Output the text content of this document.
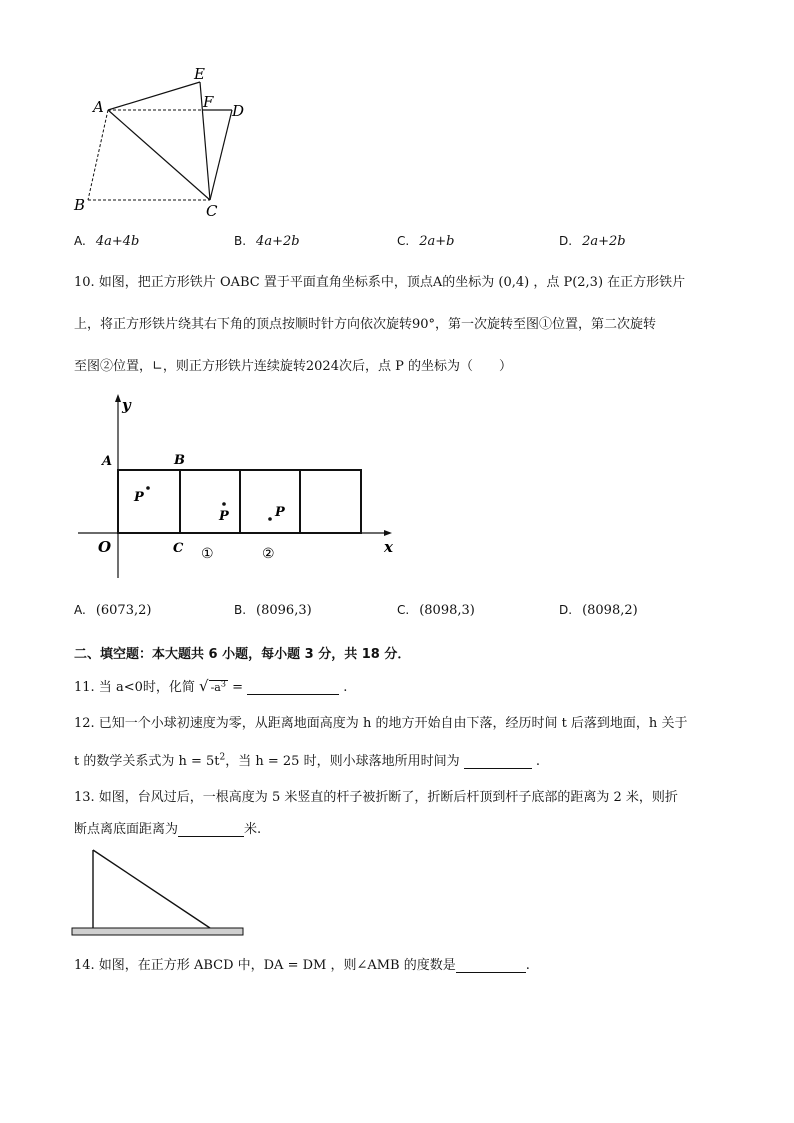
E
A	F D
B	C
A. 4a+4b	B. 4a+2b	C. 2a+b	D. 2a+2b
10. 如图，把正方形铁片 OABC 置于平面直角坐标系中，顶点A的坐标为 (0,4) ，点 P(2,3) 在正方形铁片
上，将正方形铁片绕其右下角的顶点按顺时针方向依次旋转90°，第一次旋转至图①位置，第二次旋转
至图②位置，∟，则正方形铁片连续旋转2024次后，点 P 的坐标为（　　）
y
x
O
A	B
C
P
P	P
①	②
A. (6073,2)	B. (8096,3)	C. (8098,3)	D. (8098,2)
二、填空题：本大题共 6 小题，每小题 3 分，共 18 分．
11. 当 a<0时，化简 √ $-a^3$ =	.
12. 已知一个小球初速度为零，从距离地面高度为 h 的地方开始自由下落，经历时间 t 后落到地面，h 关于
t 的数学关系式为 $h = 5t^2$，当 h = 25 时，则小球落地所用时间为	.
13. 如图，台风过后，一根高度为 5 米竖直的杆子被折断了，折断后杆顶到杆子底部的距离为 2 米，则折
断点离底面距离为	米.
14. 如图，在正方形 ABCD 中，DA = DM ，则∠AMB 的度数是	.
